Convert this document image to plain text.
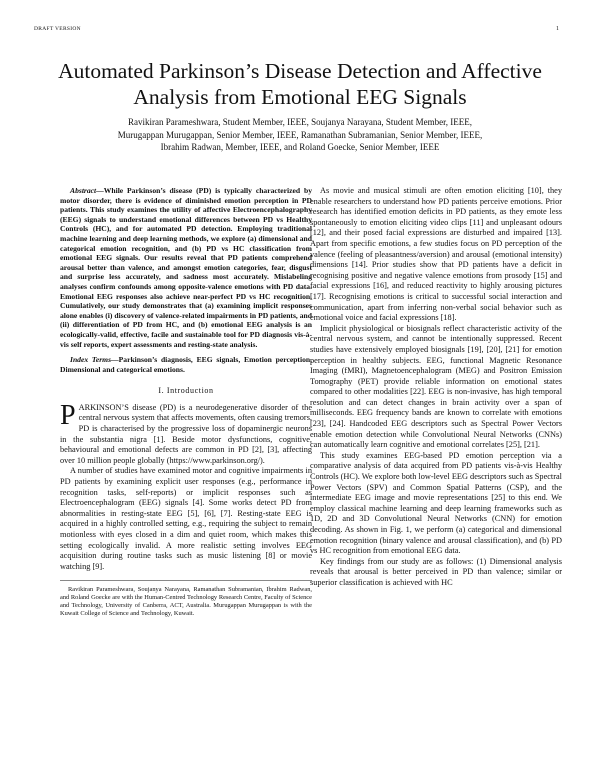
DRAFT VERSION	1
Automated Parkinson’s Disease Detection and Affective Analysis from Emotional EEG Signals
Ravikiran Parameshwara, Student Member, IEEE, Soujanya Narayana, Student Member, IEEE,
Murugappan Murugappan, Senior Member, IEEE, Ramanathan Subramanian, Senior Member, IEEE,
Ibrahim Radwan, Member, IEEE, and Roland Goecke, Senior Member, IEEE

Abstract—While Parkinson’s disease (PD) is typically characterized by motor disorder, there is evidence of diminished emotion perception in PD patients. This study examines the utility of affective Electroencephalography (EEG) signals to understand emotional differences between PD vs Healthy Controls (HC), and for automated PD detection. Employing traditional machine learning and deep learning methods, we explore (a) dimensional and categorical emotion recognition, and (b) PD vs HC classification from emotional EEG signals. Our results reveal that PD patients comprehend arousal better than valence, and amongst emotion categories, fear, disgust and surprise less accurately, and sadness most accurately. Mislabeling analyses confirm confounds among opposite-valence emotions with PD data. Emotional EEG responses also achieve near-perfect PD vs HC recognition. Cumulatively, our study demonstrates that (a) examining implicit responses alone enables (i) discovery of valence-related impairments in PD patients, and (ii) differentiation of PD from HC, and (b) emotional EEG analysis is an ecologically-valid, effective, facile and sustainable tool for PD diagnosis vis-à-vis self reports, expert assessments and resting-state analysis.

Index Terms—Parkinson’s diagnosis, EEG signals, Emotion perception, Dimensional and categorical emotions.

I. Introduction

PARKINSON’S disease (PD) is a neurodegenerative disorder of the central nervous system that affects movements, often causing tremors. PD is characterised by the progressive loss of dopaminergic neurons in the substantia nigra [1]. Beside motor dysfunctions, cognitive, behavioural and emotional defects are common in PD [2], [3], affecting over 10 million people globally (https://www.parkinson.org/).

A number of studies have examined motor and cognitive impairments in PD patients by examining explicit user responses (e.g., performance in recognition tasks, self-reports) or implicit responses such as Electroencephalogram (EEG) signals [4]. Some works detect PD from abnormalities in resting-state EEG [5], [6], [7]. Resting-state EEG is acquired in a highly controlled setting, e.g., requiring the subject to remain motionless with eyes closed in a dim and quiet room, which makes this setting ecologically invalid. A more realistic setting involves EEG acquisition during routine tasks such as music listening [8] or movie watching [9].

Ravikiran Parameshwara, Soujanya Narayana, Ramanathan Subramanian, Ibrahim Radwan, and Roland Goecke are with the Human-Centred Technology Research Centre, Faculty of Science and Technology, University of Canberra, ACT, Australia. Murugappan Murugappan is with the Kuwait College of Science and Technology, Kuwait.

As movie and musical stimuli are often emotion eliciting [10], they enable researchers to understand how PD patients perceive emotions. Prior research has identified emotion deficits in PD patients, as they emote less spontaneously to emotion eliciting video clips [11] and unpleasant odours [12], and their posed facial expressions are disturbed and impaired [13]. Apart from specific emotions, a few studies focus on PD perception of the valence (feeling of pleasantness/aversion) and arousal (emotional intensity) dimensions [14]. Prior studies show that PD patients have a deficit in recognising positive and negative valence emotions from prosody [15] and facial expressions [16], and reduced reactivity to highly arousing pictures [17]. Recognising emotions is critical to successful social interaction and communication, apart from inferring non-verbal social behavior such as emotional voice and facial expressions [18].

Implicit physiological or biosignals reflect characteristic activity of the central nervous system, and cannot be intentionally suppressed. Recent studies have extensively employed biosignals [19], [20], [21] for emotion perception in healthy subjects. EEG, functional Magnetic Resonance Imaging (fMRI), Magnetoencephalogram (MEG) and Positron Emission Tomography (PET) provide reliable information on emotional states compared to other modalities [22]. EEG is non-invasive, has high temporal resolution and can detect changes in brain activity over a span of milliseconds. EEG frequency bands are known to correlate with emotions [23], [24]. Handcoded EEG descriptors such as Spectral Power Vectors enable emotion detection while Convolutional Neural Networks (CNNs) can automatically learn cognitive and emotional correlates [25], [21].

This study examines EEG-based PD emotion perception via a comparative analysis of data acquired from PD patients vis-à-vis Healthy Controls (HC). We explore both low-level EEG descriptors such as Spectral Power Vectors (SPV) and Common Spatial Patterns (CSP), and the intermediate EEG image and movie representations [25] to this end. We employ classical machine learning and deep learning frameworks such as 1D, 2D and 3D Convolutional Neural Networks (CNN) for emotion decoding. As shown in Fig. 1, we perform (a) categorical and dimensional emotion recognition (binary valence and arousal classification), and (b) PD vs HC recognition from emotional EEG data.

Key findings from our study are as follows: (1) Dimensional analysis reveals that arousal is better perceived in PD than valence; similar or superior classification is achieved with HC
